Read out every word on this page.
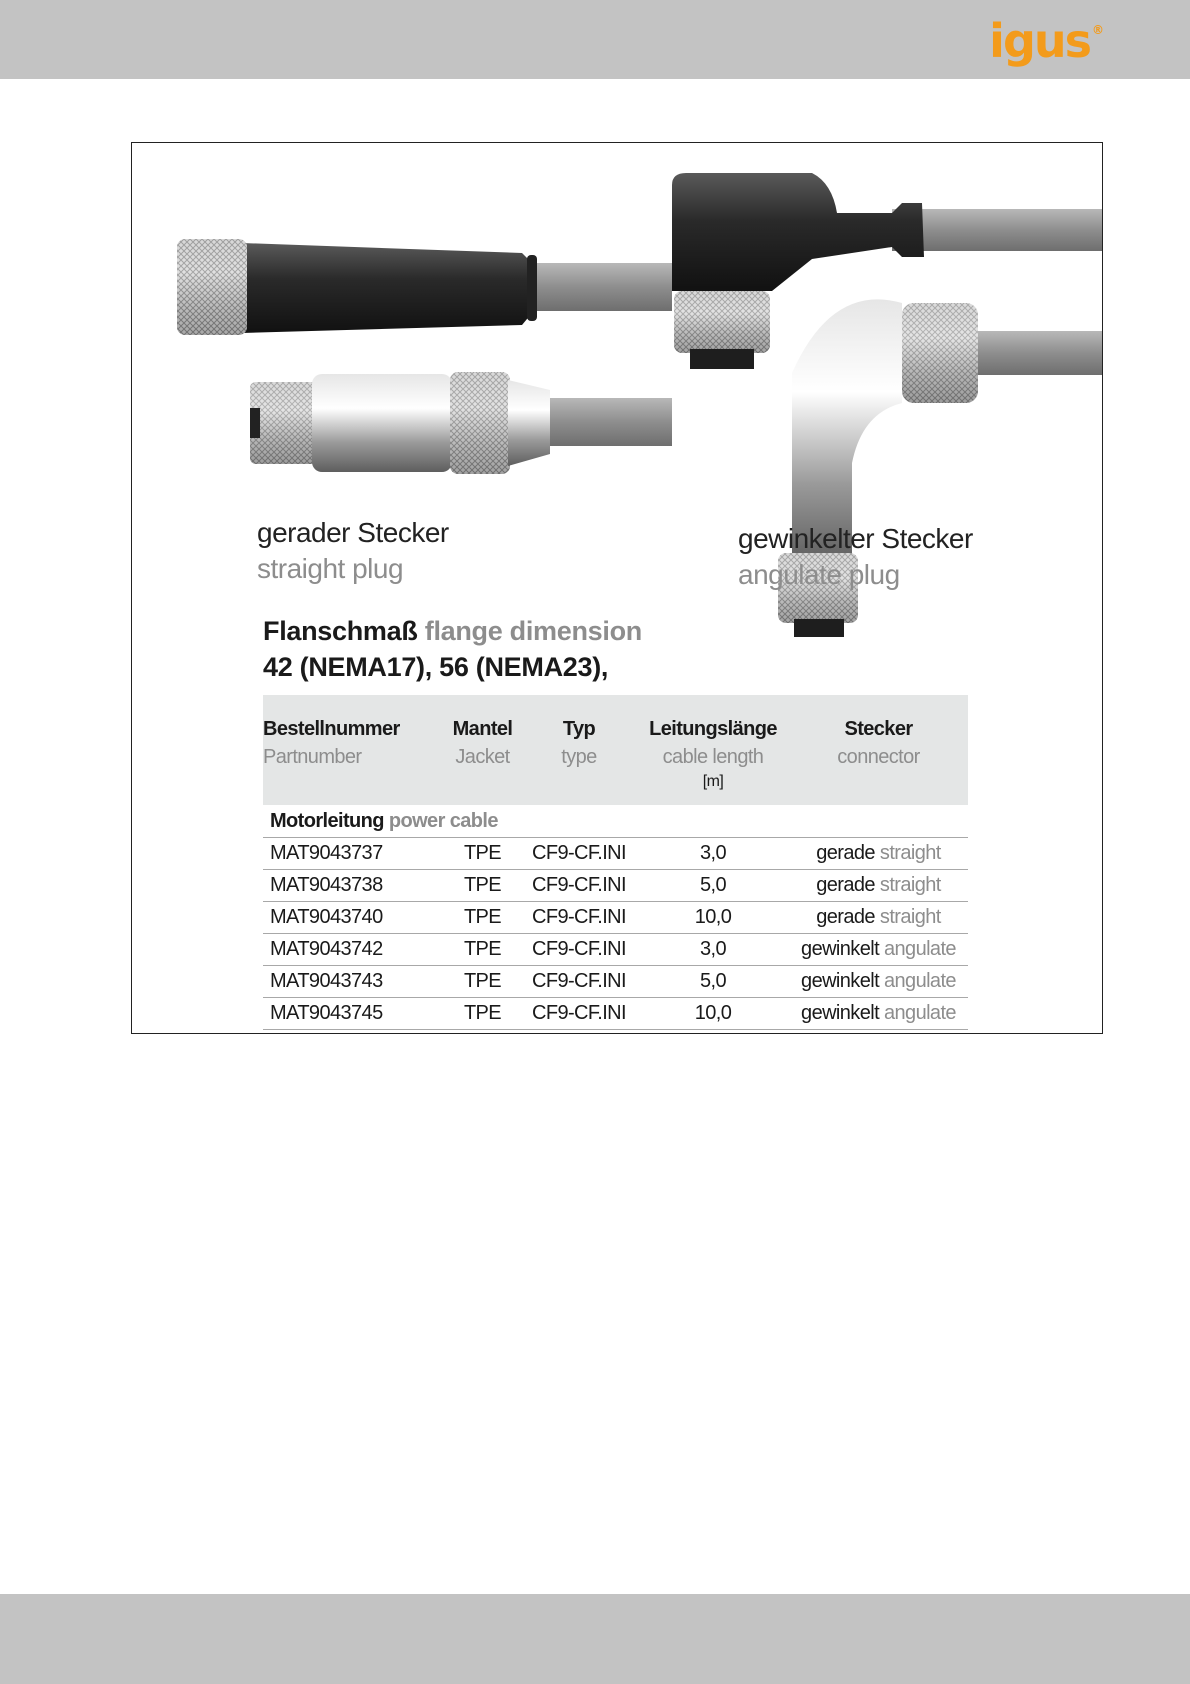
igus ®
gerader Stecker
straight plug
gewinkelter Stecker
angulate plug
Flanschmaß flange dimension
42 (NEMA17), 56 (NEMA23),
Bestellnummer	Mantel	Typ	Leitungslänge	Stecker
Partnumber	Jacket	type	cable length	connector
			[m]	
Motorleitung power cable				
MAT9043737	TPE	CF9-CF.INI	3,0	gerade straight
MAT9043738	TPE	CF9-CF.INI	5,0	gerade straight
MAT9043740	TPE	CF9-CF.INI	10,0	gerade straight
MAT9043742	TPE	CF9-CF.INI	3,0	gewinkelt angulate
MAT9043743	TPE	CF9-CF.INI	5,0	gewinkelt angulate
MAT9043745	TPE	CF9-CF.INI	10,0	gewinkelt angulate
